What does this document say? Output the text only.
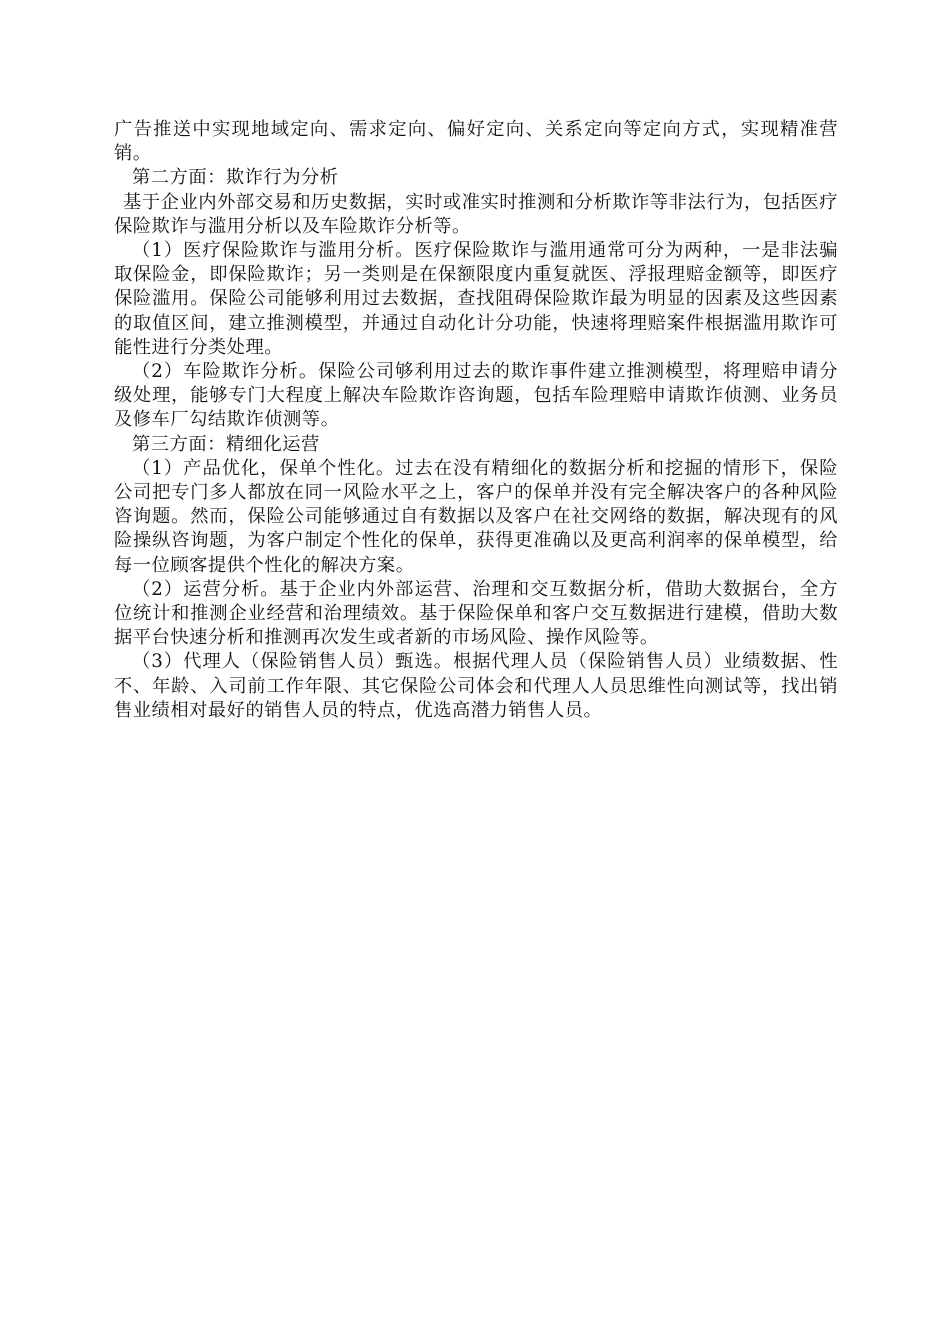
广告推送中实现地域定向、需求定向、偏好定向、关系定向等定向方式，实现精准营销。

第二方面：欺诈行为分析

基于企业内外部交易和历史数据，实时或准实时推测和分析欺诈等非法行为，包括医疗保险欺诈与滥用分析以及车险欺诈分析等。

（1）医疗保险欺诈与滥用分析。医疗保险欺诈与滥用通常可分为两种，一是非法骗取保险金，即保险欺诈；另一类则是在保额限度内重复就医、浮报理赔金额等，即医疗保险滥用。保险公司能够利用过去数据，查找阻碍保险欺诈最为明显的因素及这些因素的取值区间，建立推测模型，并通过自动化计分功能，快速将理赔案件根据滥用欺诈可能性进行分类处理。

（2）车险欺诈分析。保险公司够利用过去的欺诈事件建立推测模型，将理赔申请分级处理，能够专门大程度上解决车险欺诈咨询题，包括车险理赔申请欺诈侦测、业务员及修车厂勾结欺诈侦测等。

第三方面：精细化运营

（1）产品优化，保单个性化。过去在没有精细化的数据分析和挖掘的情形下，保险公司把专门多人都放在同一风险水平之上，客户的保单并没有完全解决客户的各种风险咨询题。然而，保险公司能够通过自有数据以及客户在社交网络的数据，解决现有的风险操纵咨询题，为客户制定个性化的保单，获得更准确以及更高利润率的保单模型，给每一位顾客提供个性化的解决方案。

（2）运营分析。基于企业内外部运营、治理和交互数据分析，借助大数据台，全方位统计和推测企业经营和治理绩效。基于保险保单和客户交互数据进行建模，借助大数据平台快速分析和推测再次发生或者新的市场风险、操作风险等。

（3）代理人（保险销售人员）甄选。根据代理人员（保险销售人员）业绩数据、性不、年龄、入司前工作年限、其它保险公司体会和代理人人员思维性向测试等，找出销售业绩相对最好的销售人员的特点，优选高潜力销售人员。
